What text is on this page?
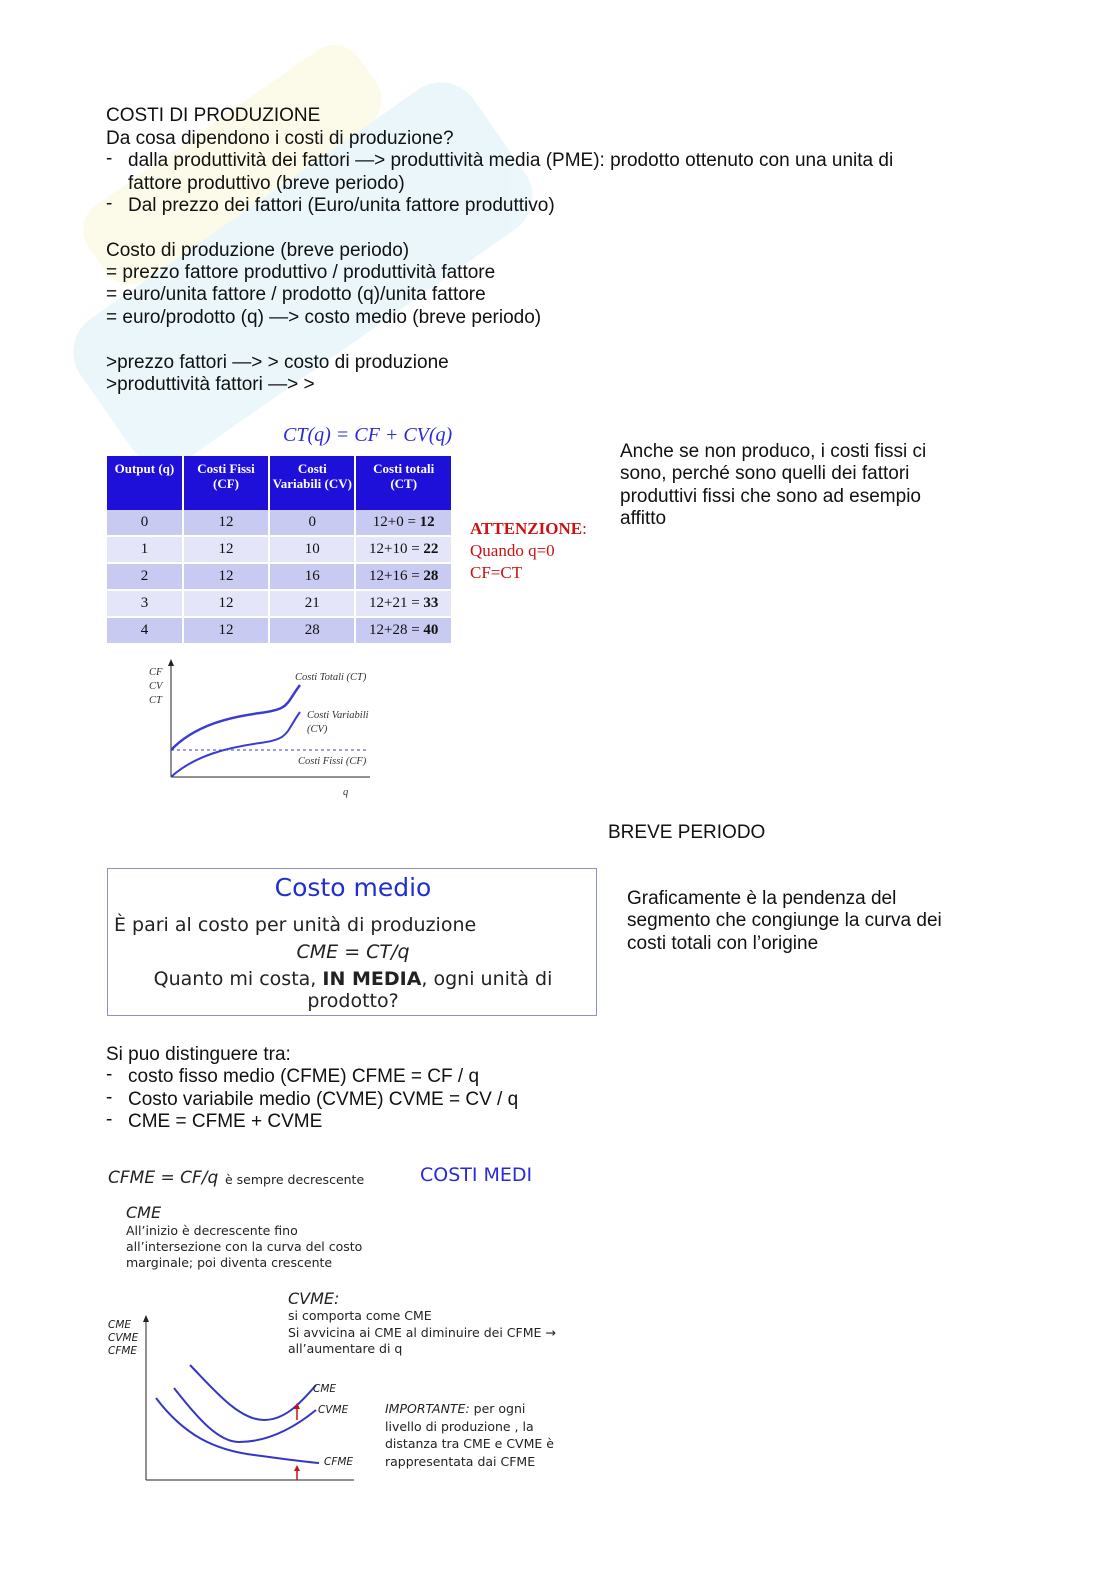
COSTI DI PRODUZIONE
Da cosa dipendono i costi di produzione?
- dalla produttività dei fattori —> produttività media (PME): prodotto ottenuto con una unita di
fattore produttivo (breve periodo)
- Dal prezzo dei fattori (Euro/unita fattore produttivo)
Costo di produzione (breve periodo)
= prezzo fattore produttivo / produttività fattore
= euro/unita fattore / prodotto (q)/unita fattore
= euro/prodotto (q) —> costo medio (breve periodo)
>prezzo fattori —> > costo di produzione
>produttività fattori —> >
CT(q) = CF + CV(q)
Output (q)	Costi Fissi (CF)	Costi Variabili (CV)	Costi totali (CT)
0	12	0	12+0 = 12
1	12	10	12+10 = 22
2	12	16	12+16 = 28
3	12	21	12+21 = 33
4	12	28	12+28 = 40
ATTENZIONE:
Quando q=0
CF=CT
Anche se non produco, i costi fissi ci
sono, perché sono quelli dei fattori
produttivi fissi che sono ad esempio
affitto
CF
CV
CT
q
Costi Totali (CT)
Costi Variabili
(CV)
Costi Fissi (CF)
BREVE PERIODO
Costo medio
È pari al costo per unità di produzione
CME = CT/q
Quanto mi costa, IN MEDIA, ogni unità di
prodotto?
Graficamente è la pendenza del
segmento che congiunge la curva dei
costi totali con l’origine
Si puo distinguere tra:
- costo fisso medio (CFME) CFME = CF / q
- Costo variabile medio (CVME) CVME = CV / q
- CME = CFME + CVME
CFME = CF/q è sempre decrescente	COSTI MEDI
CME
All’inizio è decrescente fino
all’intersezione con la curva del costo
marginale; poi diventa crescente
CVME:
si comporta come CME
Si avvicina ai CME al diminuire dei CFME →
all’aumentare di q
CME
CVME
CFME
CME
CVME
CFME
IMPORTANTE: per ogni
livello di produzione , la
distanza tra CME e CVME è
rappresentata dai CFME
